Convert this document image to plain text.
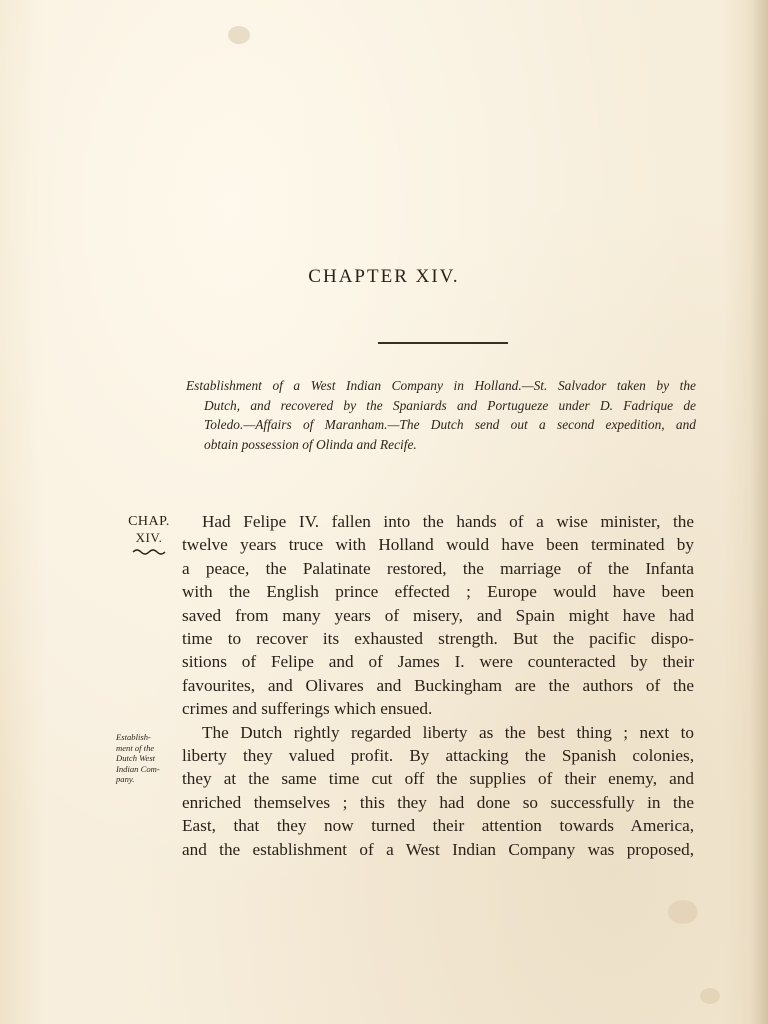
CHAPTER XIV.
Establishment of a West Indian Company in Holland.—St. Salvador taken by the
Dutch, and recovered by the Spaniards and Portugueze under D. Fadrique de
Toledo.—Affairs of Maranham.—The Dutch send out a second expedition, and
obtain possession of Olinda and Recife.
CHAP.
XIV.
Had Felipe IV. fallen into the hands of a wise minister, the
twelve years truce with Holland would have been terminated by
a peace, the Palatinate restored, the marriage of the Infanta
with the English prince effected ; Europe would have been
saved from many years of misery, and Spain might have had
time to recover its exhausted strength. But the pacific dispo-
sitions of Felipe and of James I. were counteracted by their
favourites, and Olivares and Buckingham are the authors of the
crimes and sufferings which ensued.
The Dutch rightly regarded liberty as the best thing ; next to
liberty they valued profit. By attacking the Spanish colonies,
they at the same time cut off the supplies of their enemy, and
enriched themselves ; this they had done so successfully in the
East, that they now turned their attention towards America,
and the establishment of a West Indian Company was proposed,
Establish-
ment of the
Dutch West
Indian Com-
pany.
